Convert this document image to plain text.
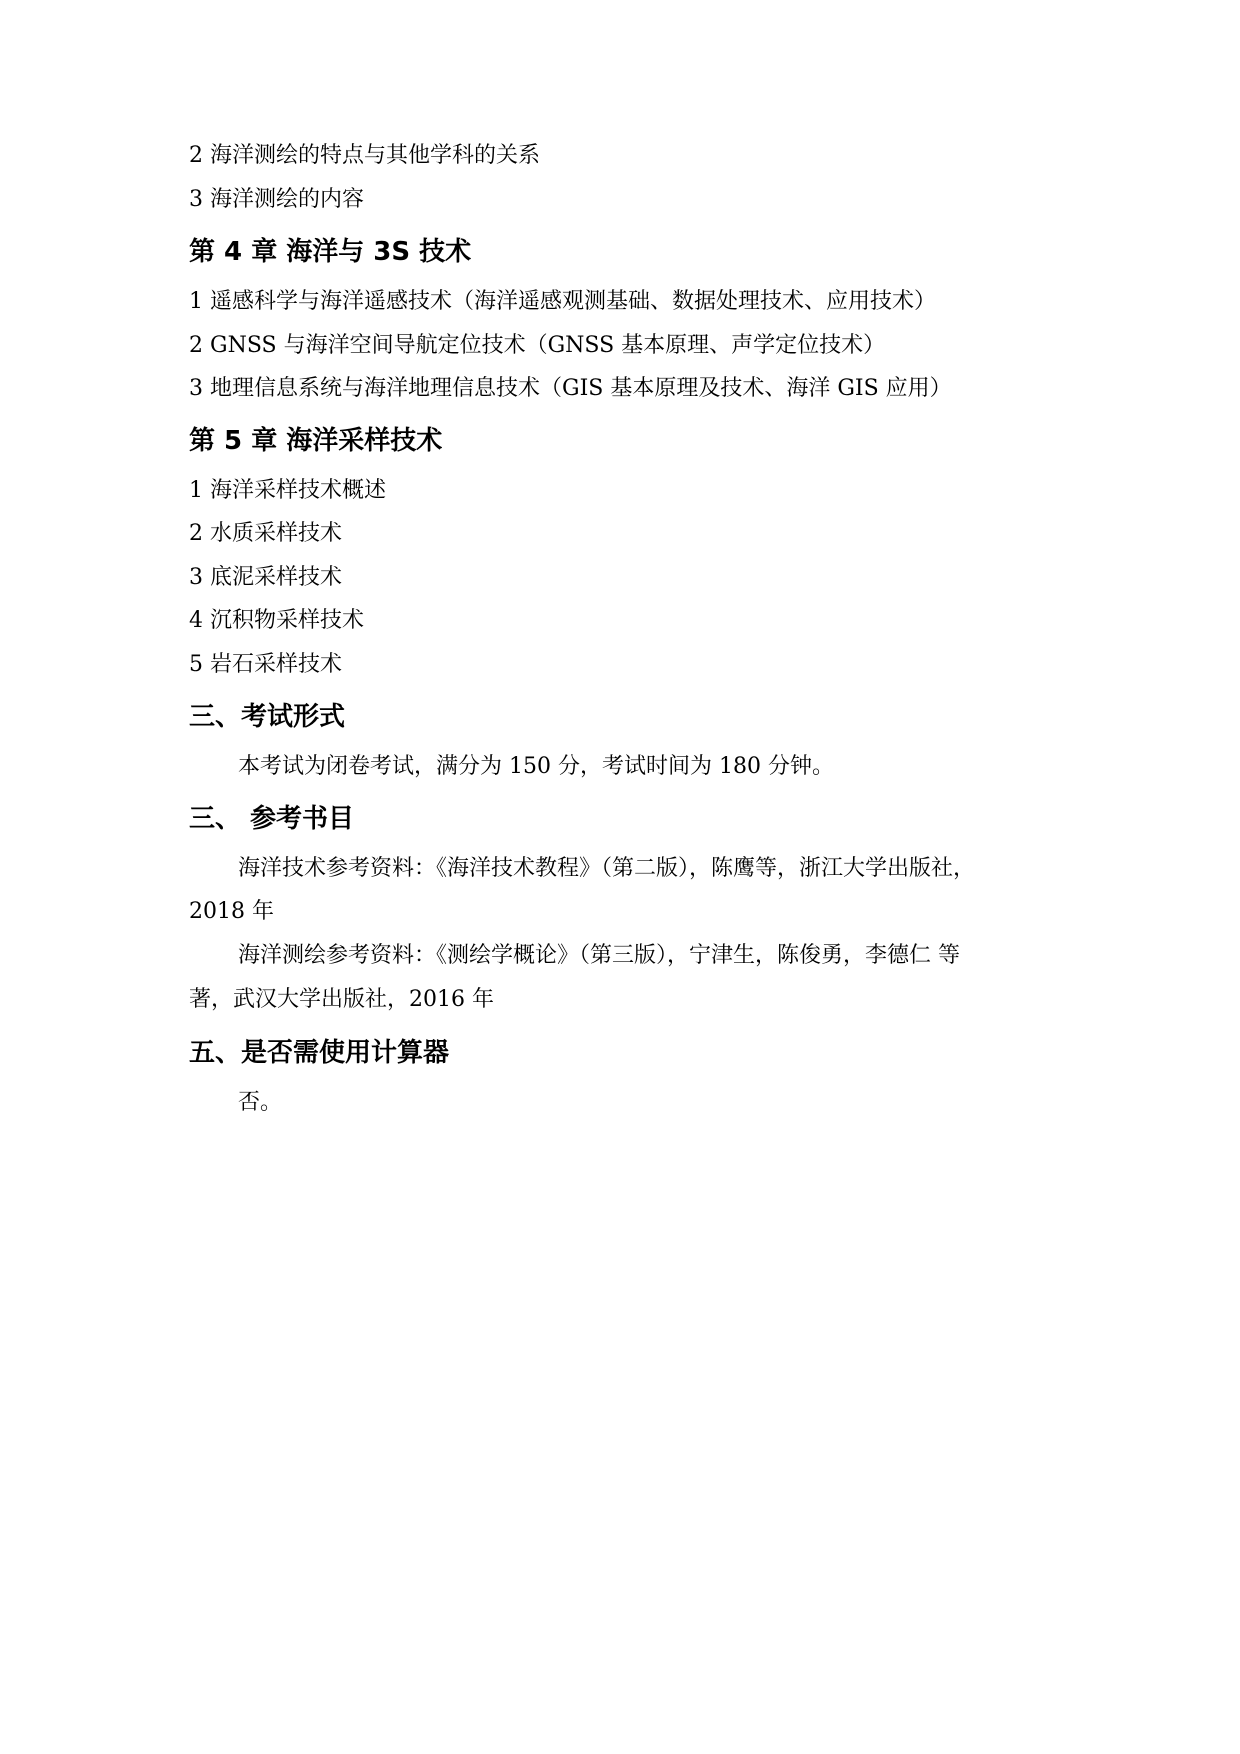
2 海洋测绘的特点与其他学科的关系
3 海洋测绘的内容
第 4 章 海洋与 3S 技术
1 遥感科学与海洋遥感技术（海洋遥感观测基础、数据处理技术、应用技术）
2 GNSS 与海洋空间导航定位技术（GNSS 基本原理、声学定位技术）
3 地理信息系统与海洋地理信息技术（GIS 基本原理及技术、海洋 GIS 应用）
第 5 章 海洋采样技术
1 海洋采样技术概述
2 水质采样技术
3 底泥采样技术
4 沉积物采样技术
5 岩石采样技术
三、考试形式
本考试为闭卷考试，满分为 150 分，考试时间为 180 分钟。
三、 参考书目
海洋技术参考资料：《海洋技术教程》（第二版），陈鹰等，浙江大学出版社，
2018 年
海洋测绘参考资料：《测绘学概论》（第三版），宁津生，陈俊勇，李德仁 等
著，武汉大学出版社，2016 年
五、是否需使用计算器
否。
